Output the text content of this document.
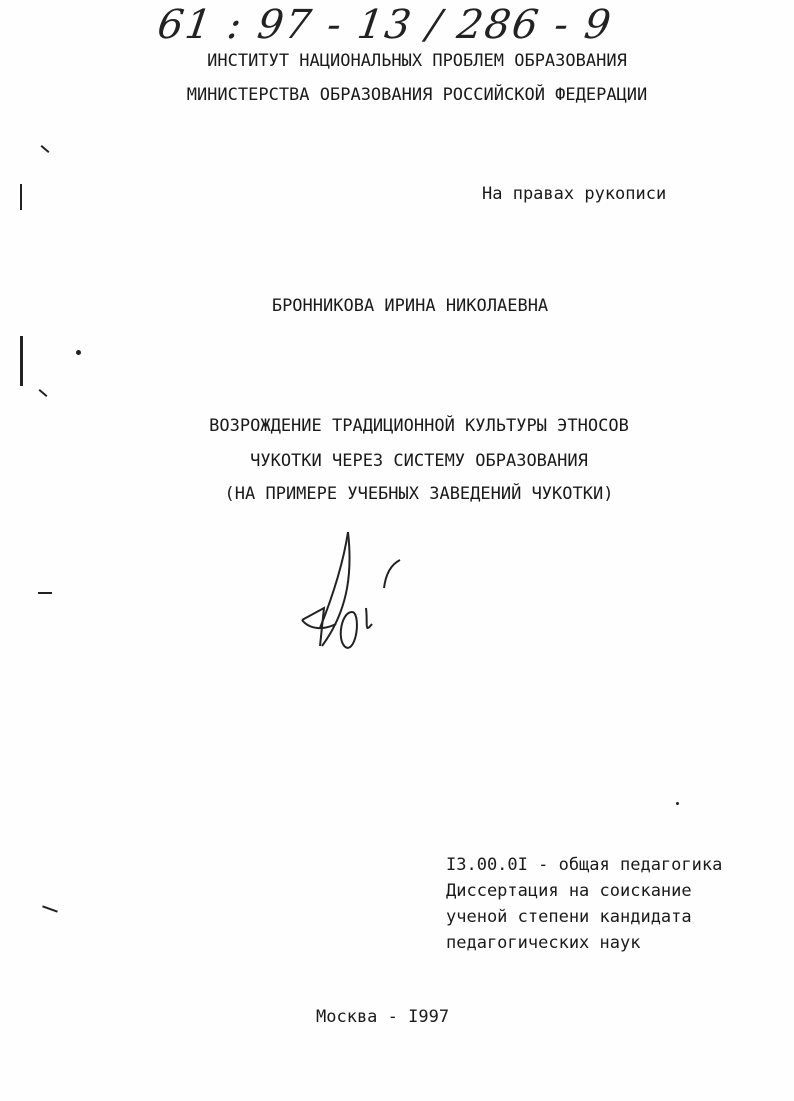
61 : 97 - 13 / 286 - 9
ИНСТИТУТ НАЦИОНАЛЬНЫХ ПРОБЛЕМ ОБРАЗОВАНИЯ
МИНИСТЕРСТВА ОБРАЗОВАНИЯ РОССИЙСКОЙ ФЕДЕРАЦИИ
На правах рукописи
БРОННИКОВА ИРИНА НИКОЛАЕВНА
ВОЗРОЖДЕНИЕ ТРАДИЦИОННОЙ КУЛЬТУРЫ ЭТНОСОВ
ЧУКОТКИ ЧЕРЕЗ СИСТЕМУ ОБРАЗОВАНИЯ
(НА ПРИМЕРЕ УЧЕБНЫХ ЗАВЕДЕНИЙ ЧУКОТКИ)
I3.00.0I - общая педагогика
Диссертация на соискание
ученой степени кандидата
педагогических наук
Москва - I997
